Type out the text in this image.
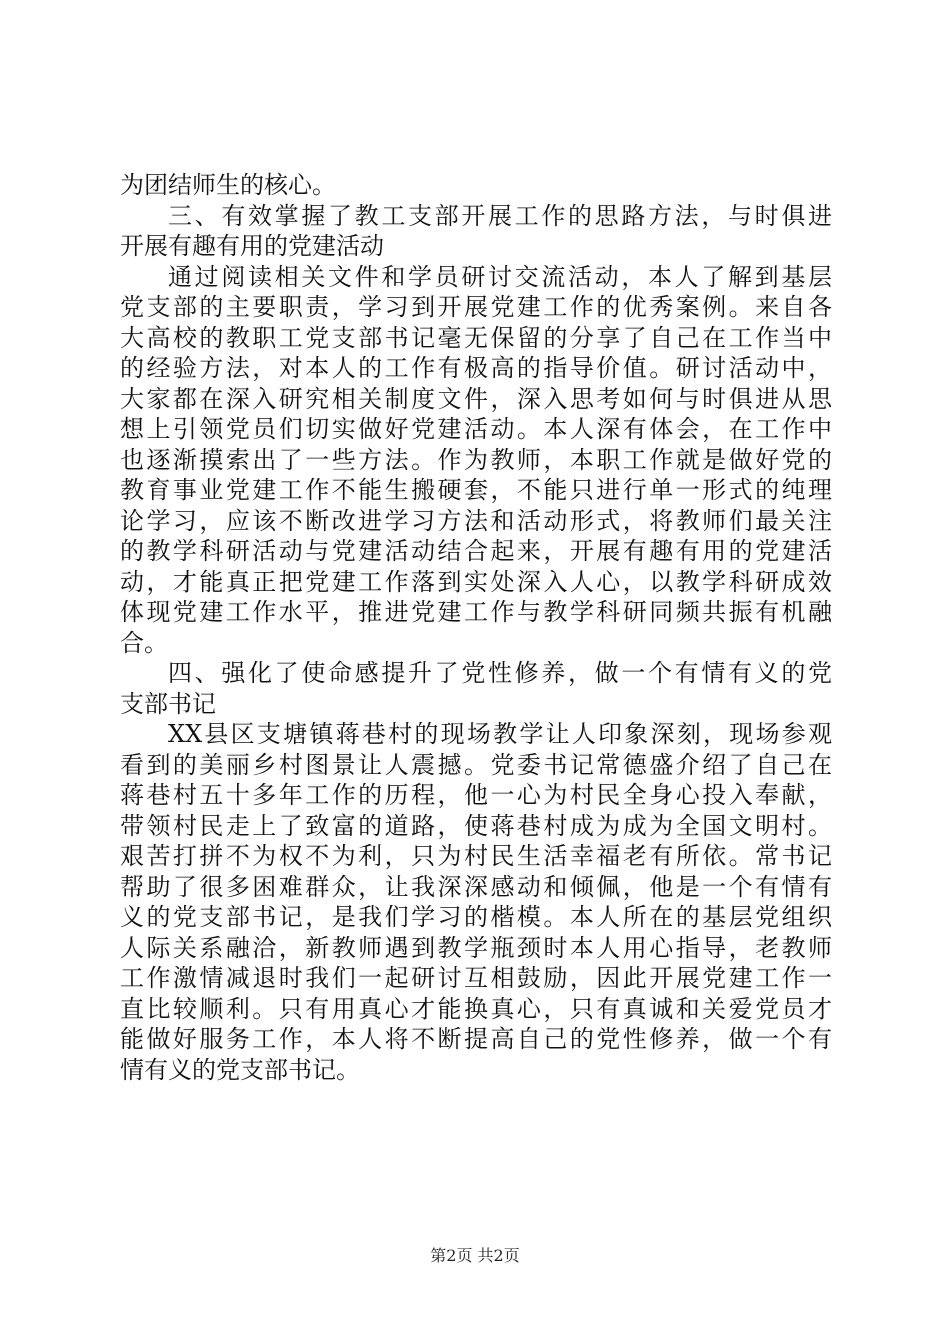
为团结师生的核心。
三、有效掌握了教工支部开展工作的思路方法，与时俱进
开展有趣有用的党建活动
通过阅读相关文件和学员研讨交流活动，本人了解到基层
党支部的主要职责，学习到开展党建工作的优秀案例。来自各
大高校的教职工党支部书记毫无保留的分享了自己在工作当中
的经验方法，对本人的工作有极高的指导价值。研讨活动中，
大家都在深入研究相关制度文件，深入思考如何与时俱进从思
想上引领党员们切实做好党建活动。本人深有体会，在工作中
也逐渐摸索出了一些方法。作为教师，本职工作就是做好党的
教育事业党建工作不能生搬硬套，不能只进行单一形式的纯理
论学习，应该不断改进学习方法和活动形式，将教师们最关注
的教学科研活动与党建活动结合起来，开展有趣有用的党建活
动，才能真正把党建工作落到实处深入人心，以教学科研成效
体现党建工作水平，推进党建工作与教学科研同频共振有机融
合。
四、强化了使命感提升了党性修养，做一个有情有义的党
支部书记
XX县区支塘镇蒋巷村的现场教学让人印象深刻，现场参观
看到的美丽乡村图景让人震撼。党委书记常德盛介绍了自己在
蒋巷村五十多年工作的历程，他一心为村民全身心投入奉献，
带领村民走上了致富的道路，使蒋巷村成为成为全国文明村。
艰苦打拼不为权不为利，只为村民生活幸福老有所依。常书记
帮助了很多困难群众，让我深深感动和倾佩，他是一个有情有
义的党支部书记，是我们学习的楷模。本人所在的基层党组织
人际关系融洽，新教师遇到教学瓶颈时本人用心指导，老教师
工作激情减退时我们一起研讨互相鼓励，因此开展党建工作一
直比较顺利。只有用真心才能换真心，只有真诚和关爱党员才
能做好服务工作，本人将不断提高自己的党性修养，做一个有
情有义的党支部书记。
第2页 共2页
